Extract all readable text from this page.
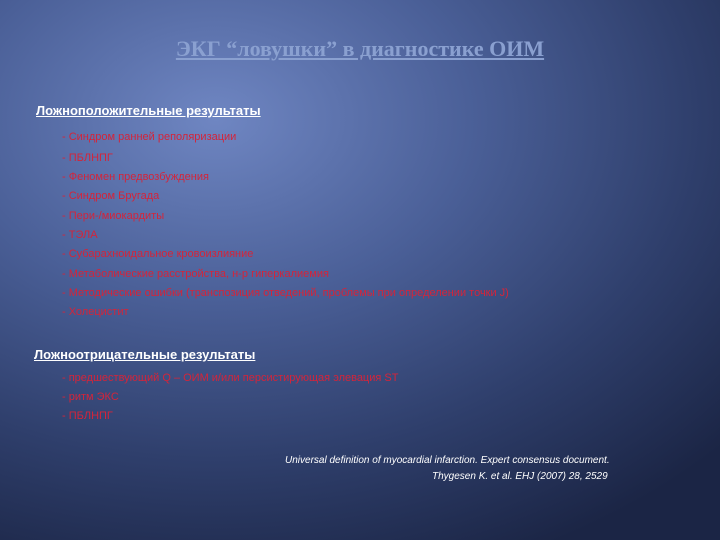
ЭКГ “ловушки” в диагностике ОИМ
Ложноположительные результаты
- Синдром ранней реполяризации
- ПБЛНПГ
- Феномен предвозбуждения
- Синдром Бругада
- Пери-/миокардиты
- ТЭЛА
- Субарахноидальное кровоизлияние
- Метаболические расстройства, н-р гиперкалиемия
- Методические ошибки (транспозиция отведений, проблемы при определении точки J)
- Холецистит
Ложноотрицательные результаты
- предшествующий Q – ОИМ и/или персистирующая элевация ST
- ритм ЭКС
- ПБЛНПГ
Universal definition of myocardial infarction. Expert consensus document.
Thygesen K. et al. EHJ (2007) 28, 2529
